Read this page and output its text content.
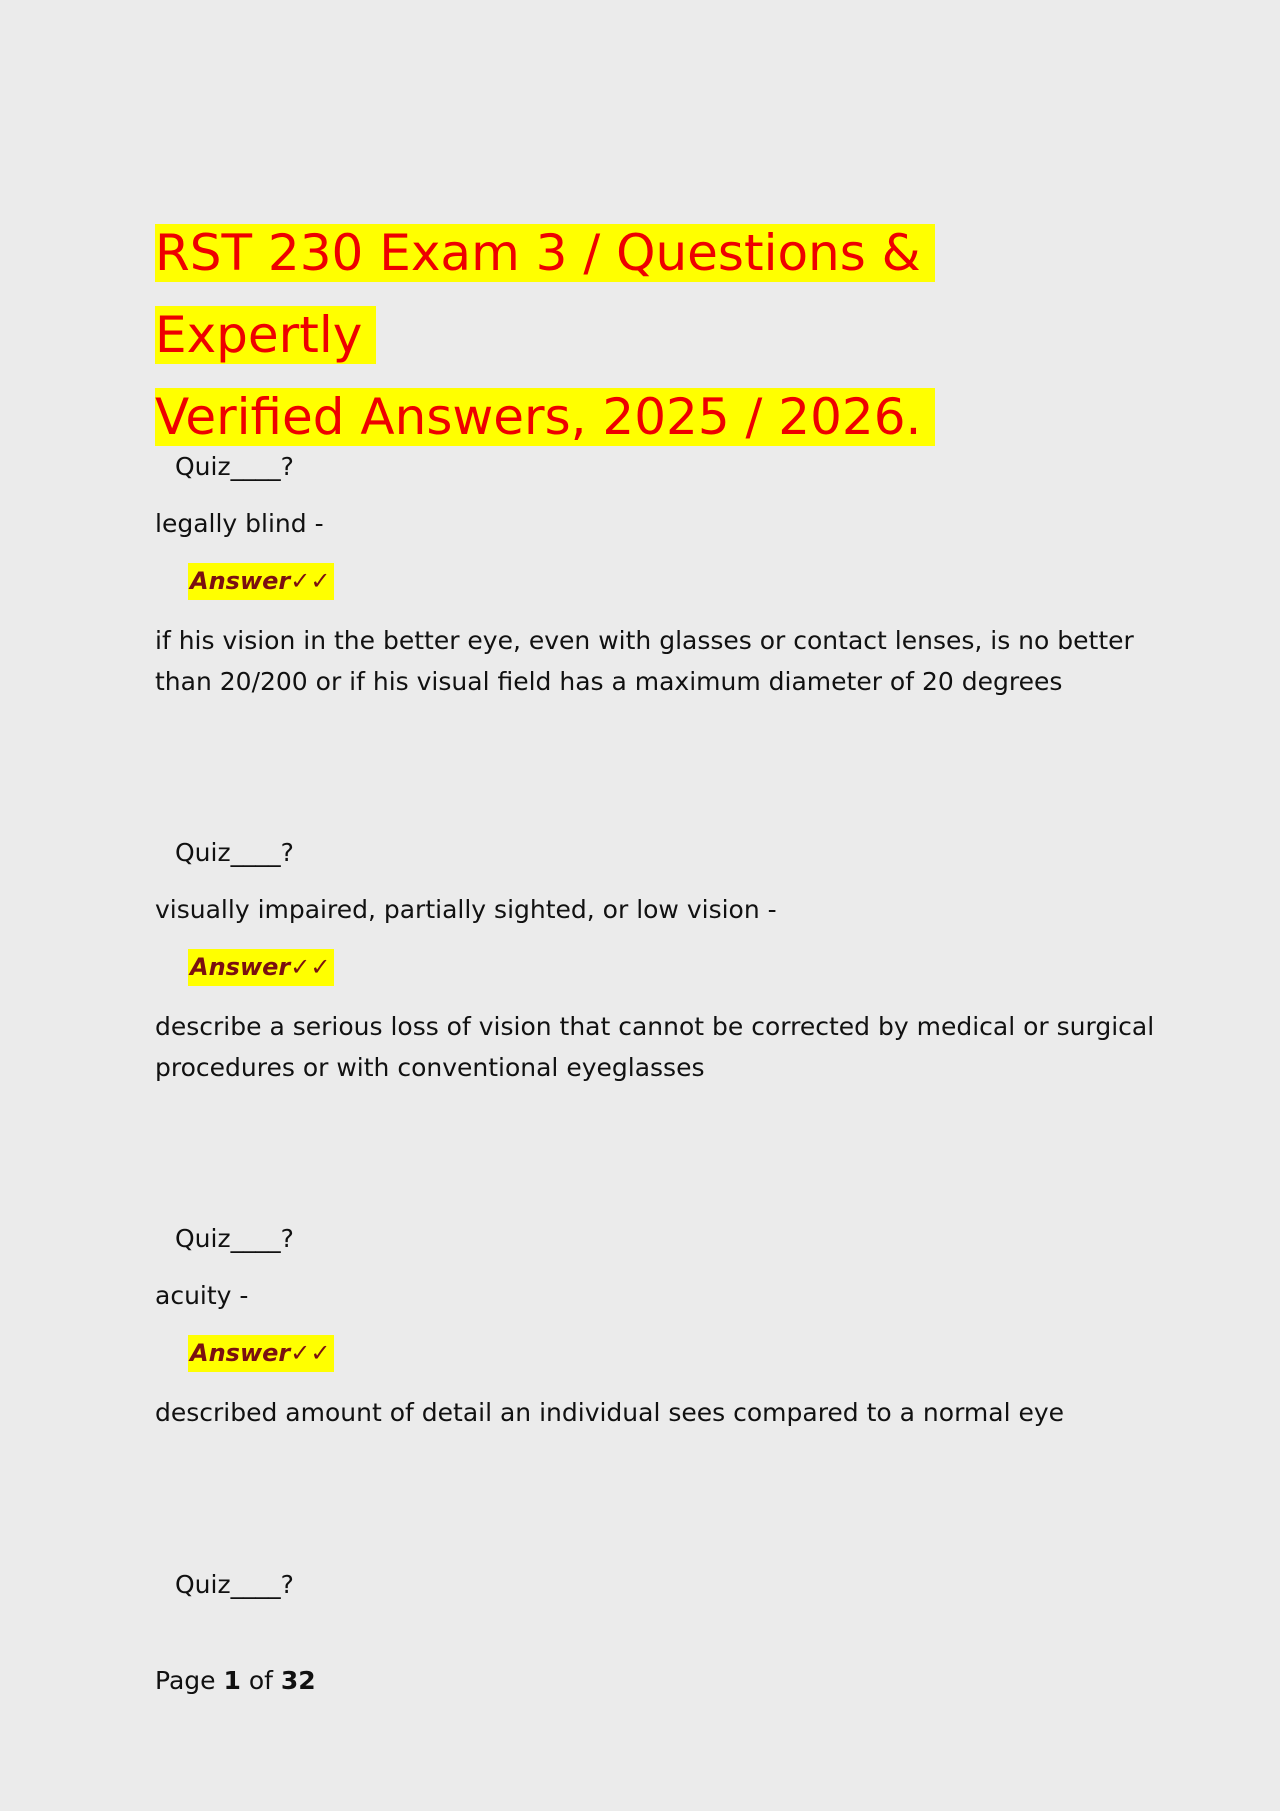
RST 230 Exam 3 / Questions & Expertly
Verified Answers, 2025 / 2026.
Quiz____?
legally blind -
Answer✓✓
if his vision in the better eye, even with glasses or contact lenses, is no better than 20/200 or if his visual field has a maximum diameter of 20 degrees
Quiz____?
visually impaired, partially sighted, or low vision -
Answer✓✓
describe a serious loss of vision that cannot be corrected by medical or surgical procedures or with conventional eyeglasses
Quiz____?
acuity -
Answer✓✓
described amount of detail an individual sees compared to a normal eye
Quiz____?
Page 1 of 32
